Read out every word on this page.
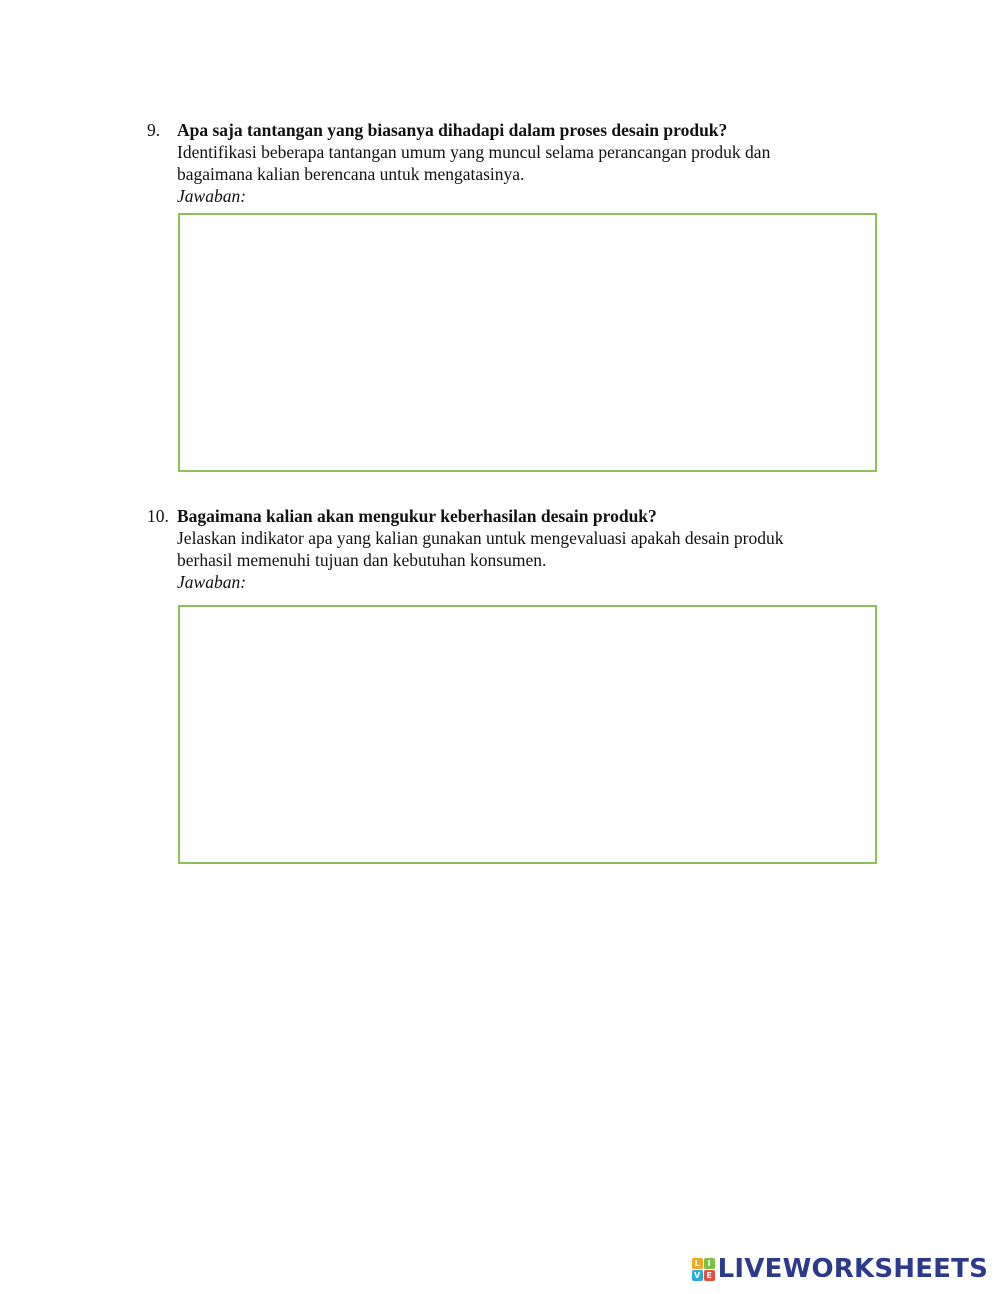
9. Apa saja tantangan yang biasanya dihadapi dalam proses desain produk?
Identifikasi beberapa tantangan umum yang muncul selama perancangan produk dan
bagaimana kalian berencana untuk mengatasinya.
Jawaban:
10. Bagaimana kalian akan mengukur keberhasilan desain produk?
Jelaskan indikator apa yang kalian gunakan untuk mengevaluasi apakah desain produk
berhasil memenuhi tujuan dan kebutuhan konsumen.
Jawaban:
L I
V E LIVEWORKSHEETS
